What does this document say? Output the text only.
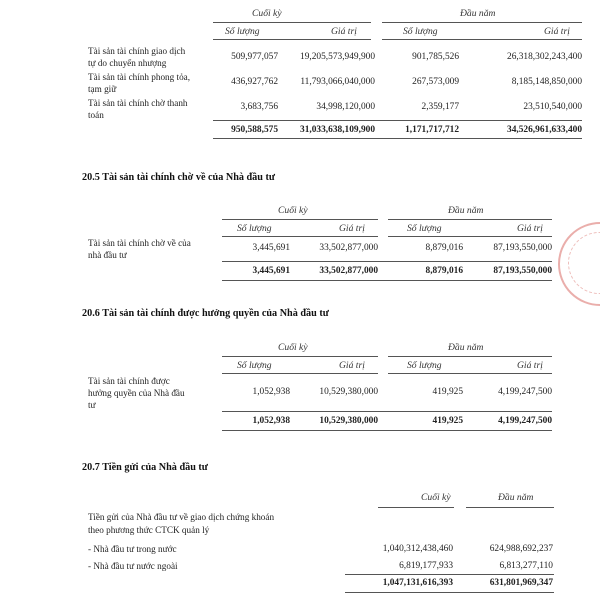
Cuối kỳ	Đầu năm
Số lượng	Giá trị	Số lượng	Giá trị
Tài sản tài chính giao dịch
tự do chuyển nhượng
509,977,057 19,205,573,949,900	901,785,526	26,318,302,243,400
Tài sản tài chính phong tỏa,
tạm giữ
436,927,762 11,793,066,040,000	267,573,009	8,185,148,850,000
Tài sản tài chính chờ thanh
toán
3,683,756	34,998,120,000	2,359,177	23,510,540,000
950,588,575 31,033,638,109,900	1,171,717,712	34,526,961,633,400
20.5 Tài sản tài chính chờ về của Nhà đầu tư
Cuối kỳ	Đầu năm
Số lượng	Giá trị	Số lượng	Giá trị
Tài sản tài chính chờ về của
nhà đầu tư
3,445,691	33,502,877,000	8,879,016	87,193,550,000
3,445,691	33,502,877,000	8,879,016	87,193,550,000
20.6 Tài sản tài chính được hưởng quyền của Nhà đầu tư
Cuối kỳ	Đầu năm
Số lượng	Giá trị	Số lượng	Giá trị
Tài sản tài chính được
hưởng quyền của Nhà đầu
tư
1,052,938	10,529,380,000	419,925	4,199,247,500
1,052,938	10,529,380,000	419,925	4,199,247,500
20.7 Tiền gửi của Nhà đầu tư
Cuối kỳ	Đầu năm
Tiền gửi của Nhà đầu tư về giao dịch chứng khoán
theo phương thức CTCK quản lý
- Nhà đầu tư trong nước	1,040,312,438,460	624,988,692,237
- Nhà đầu tư nước ngoài	6,819,177,933	6,813,277,110
1,047,131,616,393	631,801,969,347
